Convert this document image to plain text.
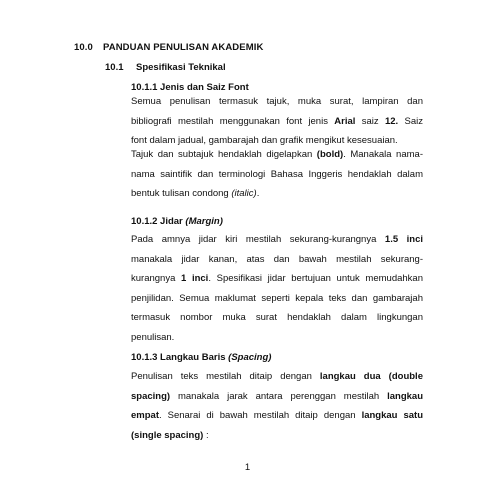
10.0 PANDUAN PENULISAN AKADEMIK
10.1 Spesifikasi Teknikal
10.1.1 Jenis dan Saiz Font
Semua penulisan termasuk tajuk, muka surat, lampiran dan
bibliografi mestilah menggunakan font jenis Arial saiz 12. Saiz
font dalam jadual, gambarajah dan grafik mengikut kesesuaian.
Tajuk dan subtajuk hendaklah digelapkan (bold). Manakala nama-
nama saintifik dan terminologi Bahasa Inggeris hendaklah dalam
bentuk tulisan condong (italic).
10.1.2 Jidar (Margin)
Pada amnya jidar kiri mestilah sekurang-kurangnya 1.5 inci
manakala jidar kanan, atas dan bawah mestilah sekurang-
kurangnya 1 inci. Spesifikasi jidar bertujuan untuk memudahkan
penjilidan. Semua maklumat seperti kepala teks dan gambarajah
termasuk nombor muka surat hendaklah dalam lingkungan
penulisan.
10.1.3 Langkau Baris (Spacing)
Penulisan teks mestilah ditaip dengan langkau dua (double
spacing) manakala jarak antara perenggan mestilah langkau
empat. Senarai di bawah mestilah ditaip dengan langkau satu
(single spacing) :
1
